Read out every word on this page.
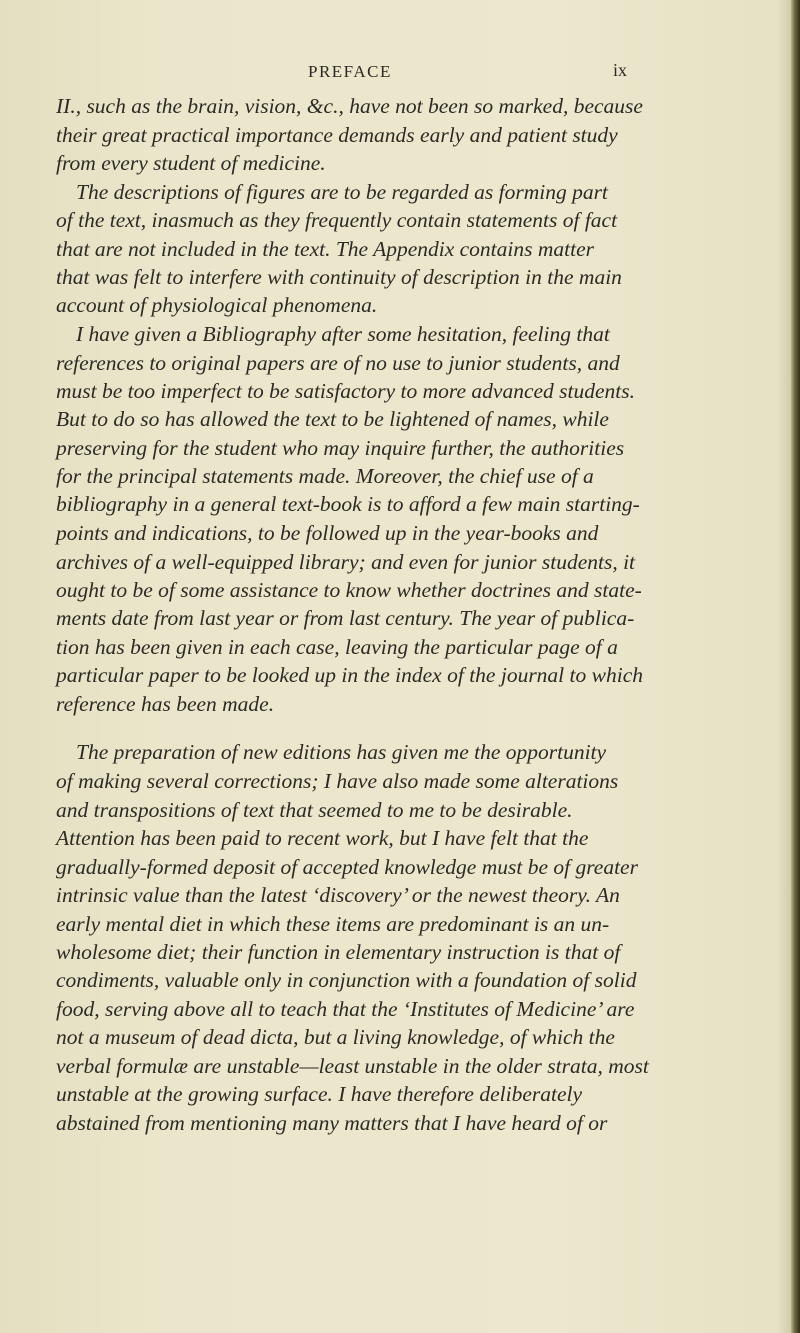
PREFACE	ix
II., such as the brain, vision, &c., have not been so marked, because
their great practical importance demands early and patient study
from every student of medicine.
The descriptions of figures are to be regarded as forming part
of the text, inasmuch as they frequently contain statements of fact
that are not included in the text. The Appendix contains matter
that was felt to interfere with continuity of description in the main
account of physiological phenomena.
I have given a Bibliography after some hesitation, feeling that
references to original papers are of no use to junior students, and
must be too imperfect to be satisfactory to more advanced students.
But to do so has allowed the text to be lightened of names, while
preserving for the student who may inquire further, the authorities
for the principal statements made. Moreover, the chief use of a
bibliography in a general text-book is to afford a few main starting-
points and indications, to be followed up in the year-books and
archives of a well-equipped library; and even for junior students, it
ought to be of some assistance to know whether doctrines and state-
ments date from last year or from last century. The year of publica-
tion has been given in each case, leaving the particular page of a
particular paper to be looked up in the index of the journal to which
reference has been made.
The preparation of new editions has given me the opportunity
of making several corrections; I have also made some alterations
and transpositions of text that seemed to me to be desirable.
Attention has been paid to recent work, but I have felt that the
gradually-formed deposit of accepted knowledge must be of greater
intrinsic value than the latest ‘discovery’ or the newest theory. An
early mental diet in which these items are predominant is an un-
wholesome diet; their function in elementary instruction is that of
condiments, valuable only in conjunction with a foundation of solid
food, serving above all to teach that the ‘Institutes of Medicine’ are
not a museum of dead dicta, but a living knowledge, of which the
verbal formulæ are unstable—least unstable in the older strata, most
unstable at the growing surface. I have therefore deliberately
abstained from mentioning many matters that I have heard of or
